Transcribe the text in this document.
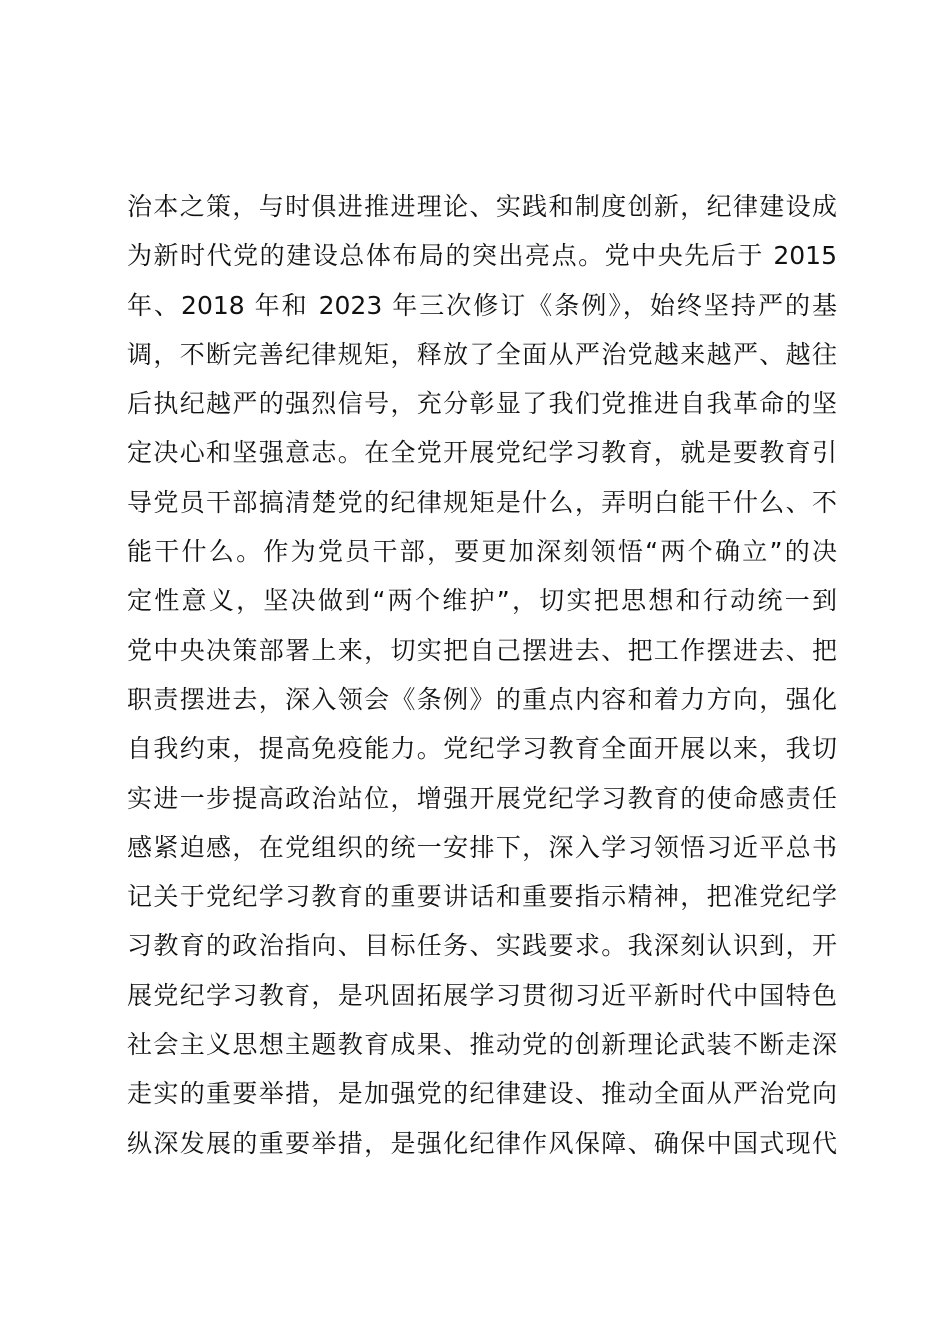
治本之策，与时俱进推进理论、实践和制度创新，纪律建设成
为新时代党的建设总体布局的突出亮点。党中央先后于 2015
年、2018 年和 2023 年三次修订《条例》，始终坚持严的基
调，不断完善纪律规矩，释放了全面从严治党越来越严、越往
后执纪越严的强烈信号，充分彰显了我们党推进自我革命的坚
定决心和坚强意志。在全党开展党纪学习教育，就是要教育引
导党员干部搞清楚党的纪律规矩是什么，弄明白能干什么、不
能干什么。作为党员干部，要更加深刻领悟“两个确立”的决
定性意义，坚决做到“两个维护”，切实把思想和行动统一到
党中央决策部署上来，切实把自己摆进去、把工作摆进去、把
职责摆进去，深入领会《条例》的重点内容和着力方向，强化
自我约束，提高免疫能力。党纪学习教育全面开展以来，我切
实进一步提高政治站位，增强开展党纪学习教育的使命感责任
感紧迫感，在党组织的统一安排下，深入学习领悟习近平总书
记关于党纪学习教育的重要讲话和重要指示精神，把准党纪学
习教育的政治指向、目标任务、实践要求。我深刻认识到，开
展党纪学习教育，是巩固拓展学习贯彻习近平新时代中国特色
社会主义思想主题教育成果、推动党的创新理论武装不断走深
走实的重要举措，是加强党的纪律建设、推动全面从严治党向
纵深发展的重要举措，是强化纪律作风保障、确保中国式现代
